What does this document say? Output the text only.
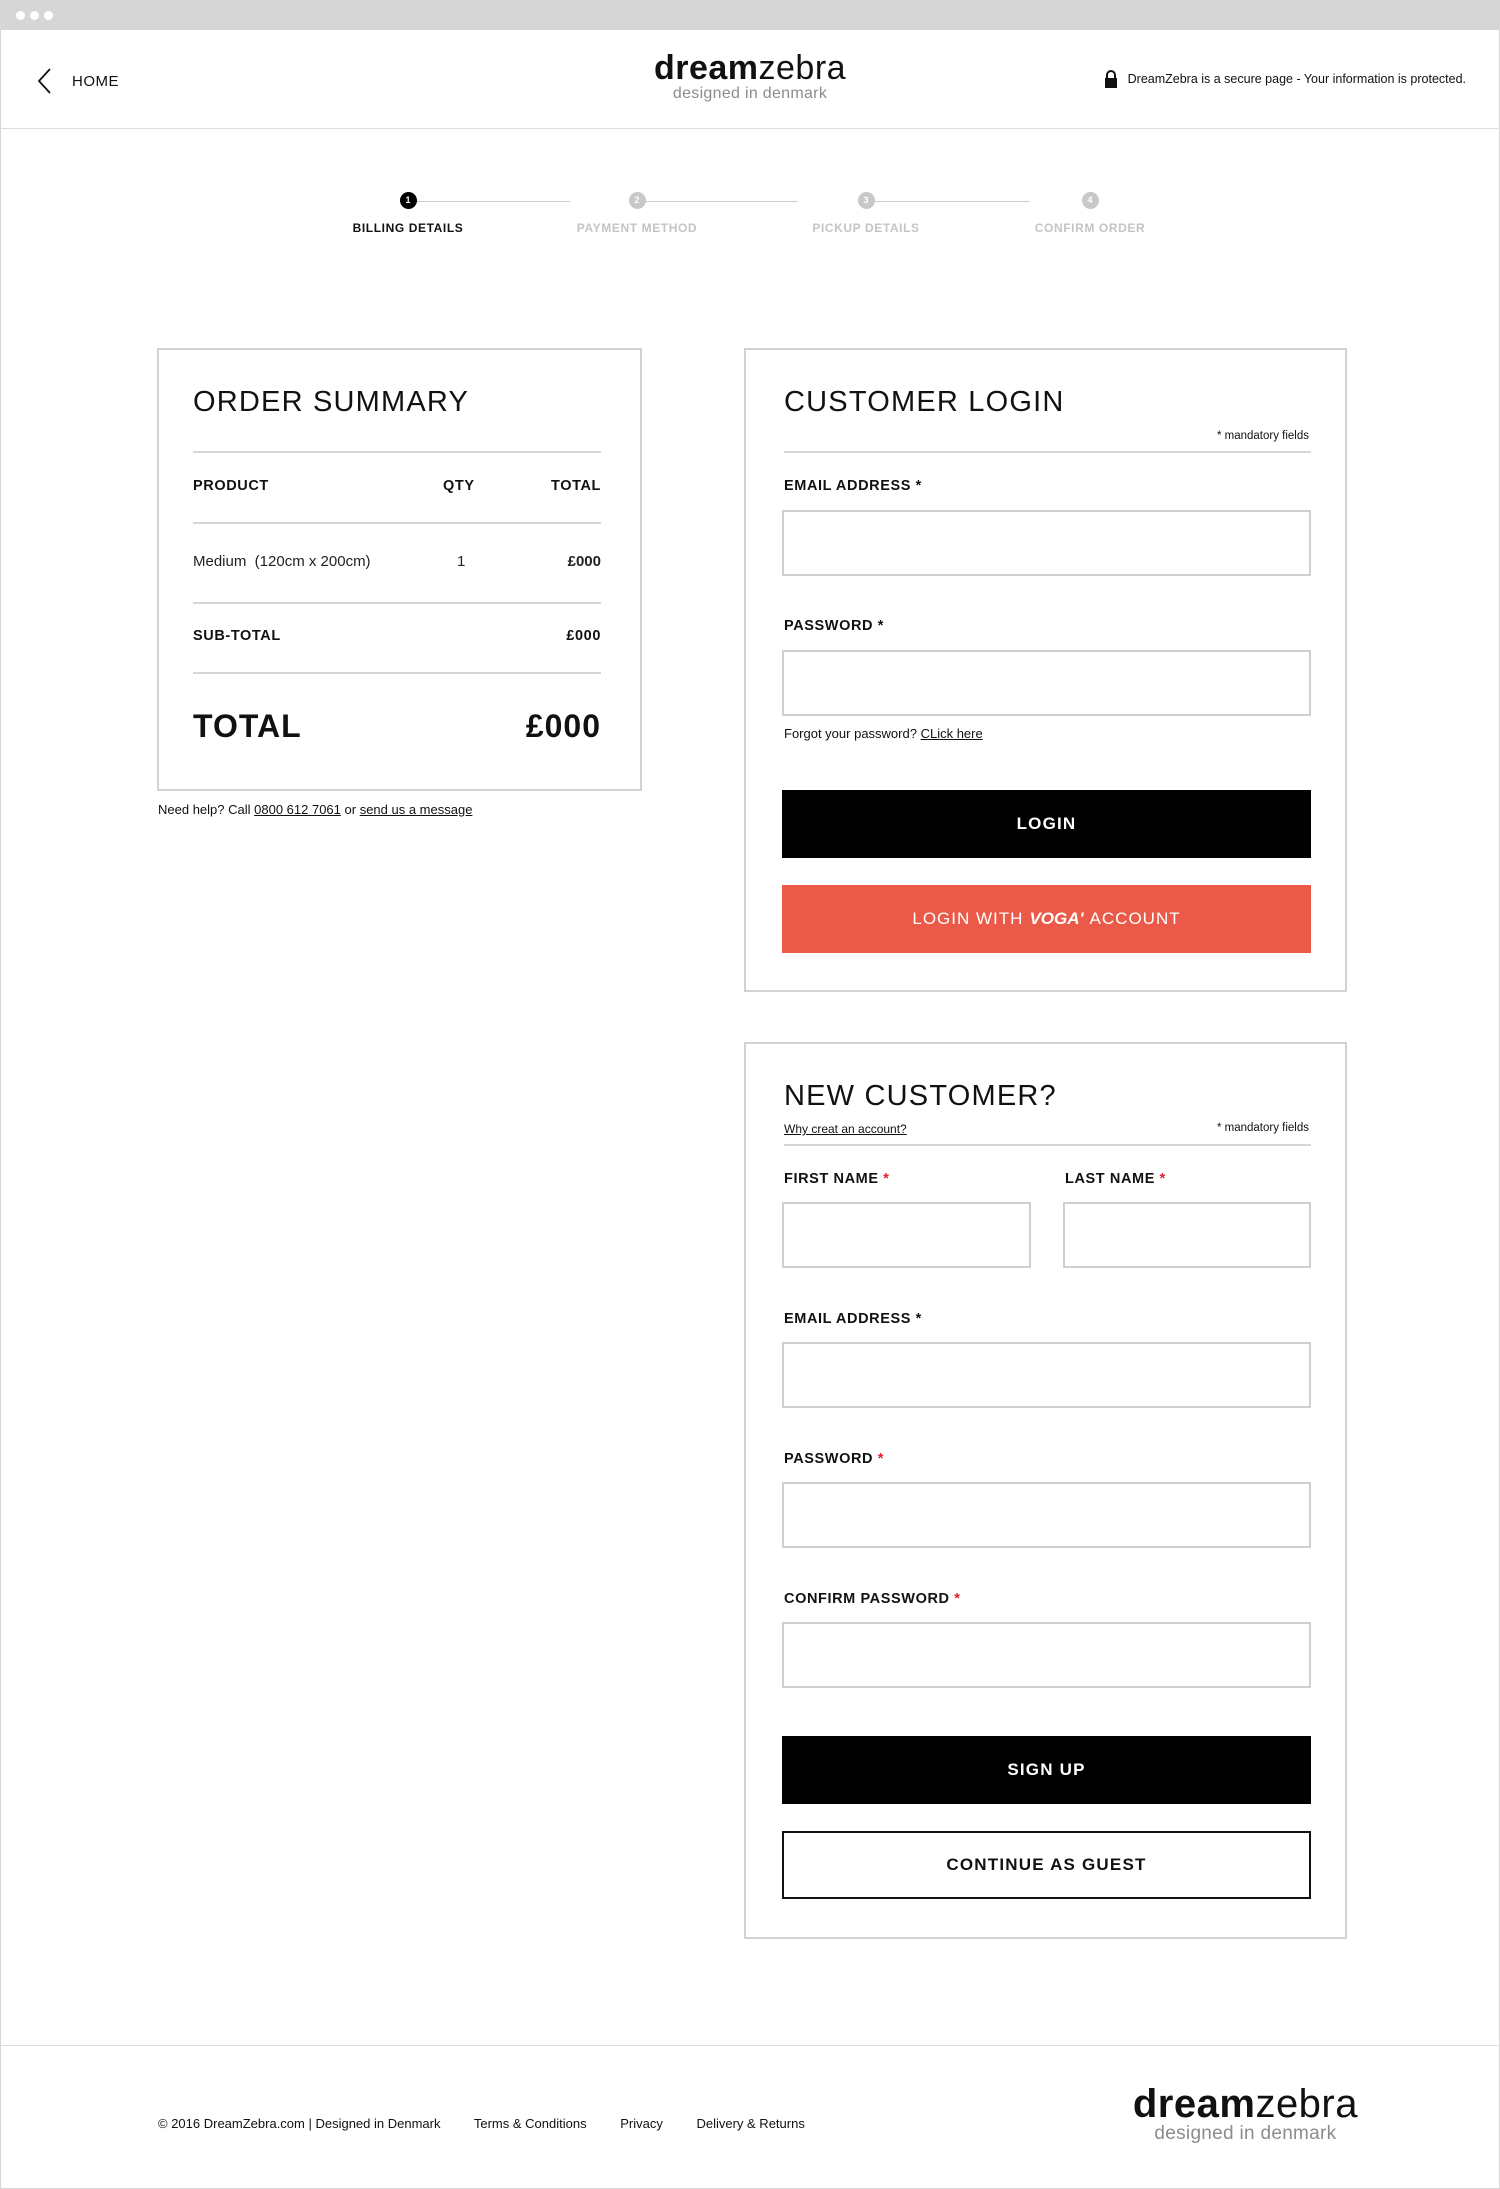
HOME	dreamzebra
designed in denmark
DreamZebra is a secure page - Your information is protected.
1
BILLING DETAILS
2
PAYMENT METHOD
3
PICKUP DETAILS
4
CONFIRM ORDER
ORDER SUMMARY
PRODUCT	QTY	TOTAL
Medium  (120cm x 200cm)	1	£000
SUB-TOTAL	£000
TOTAL	£000
Need help? Call 0800 612 7061 or send us a message
CUSTOMER LOGIN
* mandatory fields
EMAIL ADDRESS *
PASSWORD *
Forgot your password? CLick here
LOGIN
LOGIN WITH VOGA' ACCOUNT
NEW CUSTOMER?
Why creat an account?	* mandatory fields
FIRST NAME *	LAST NAME *
EMAIL ADDRESS *
PASSWORD *
CONFIRM PASSWORD *
SIGN UP
CONTINUE AS GUEST
© 2016 DreamZebra.com | Designed in Denmark	Terms & Conditions	Privacy	Delivery & Returns	dreamzebra
designed in denmark
